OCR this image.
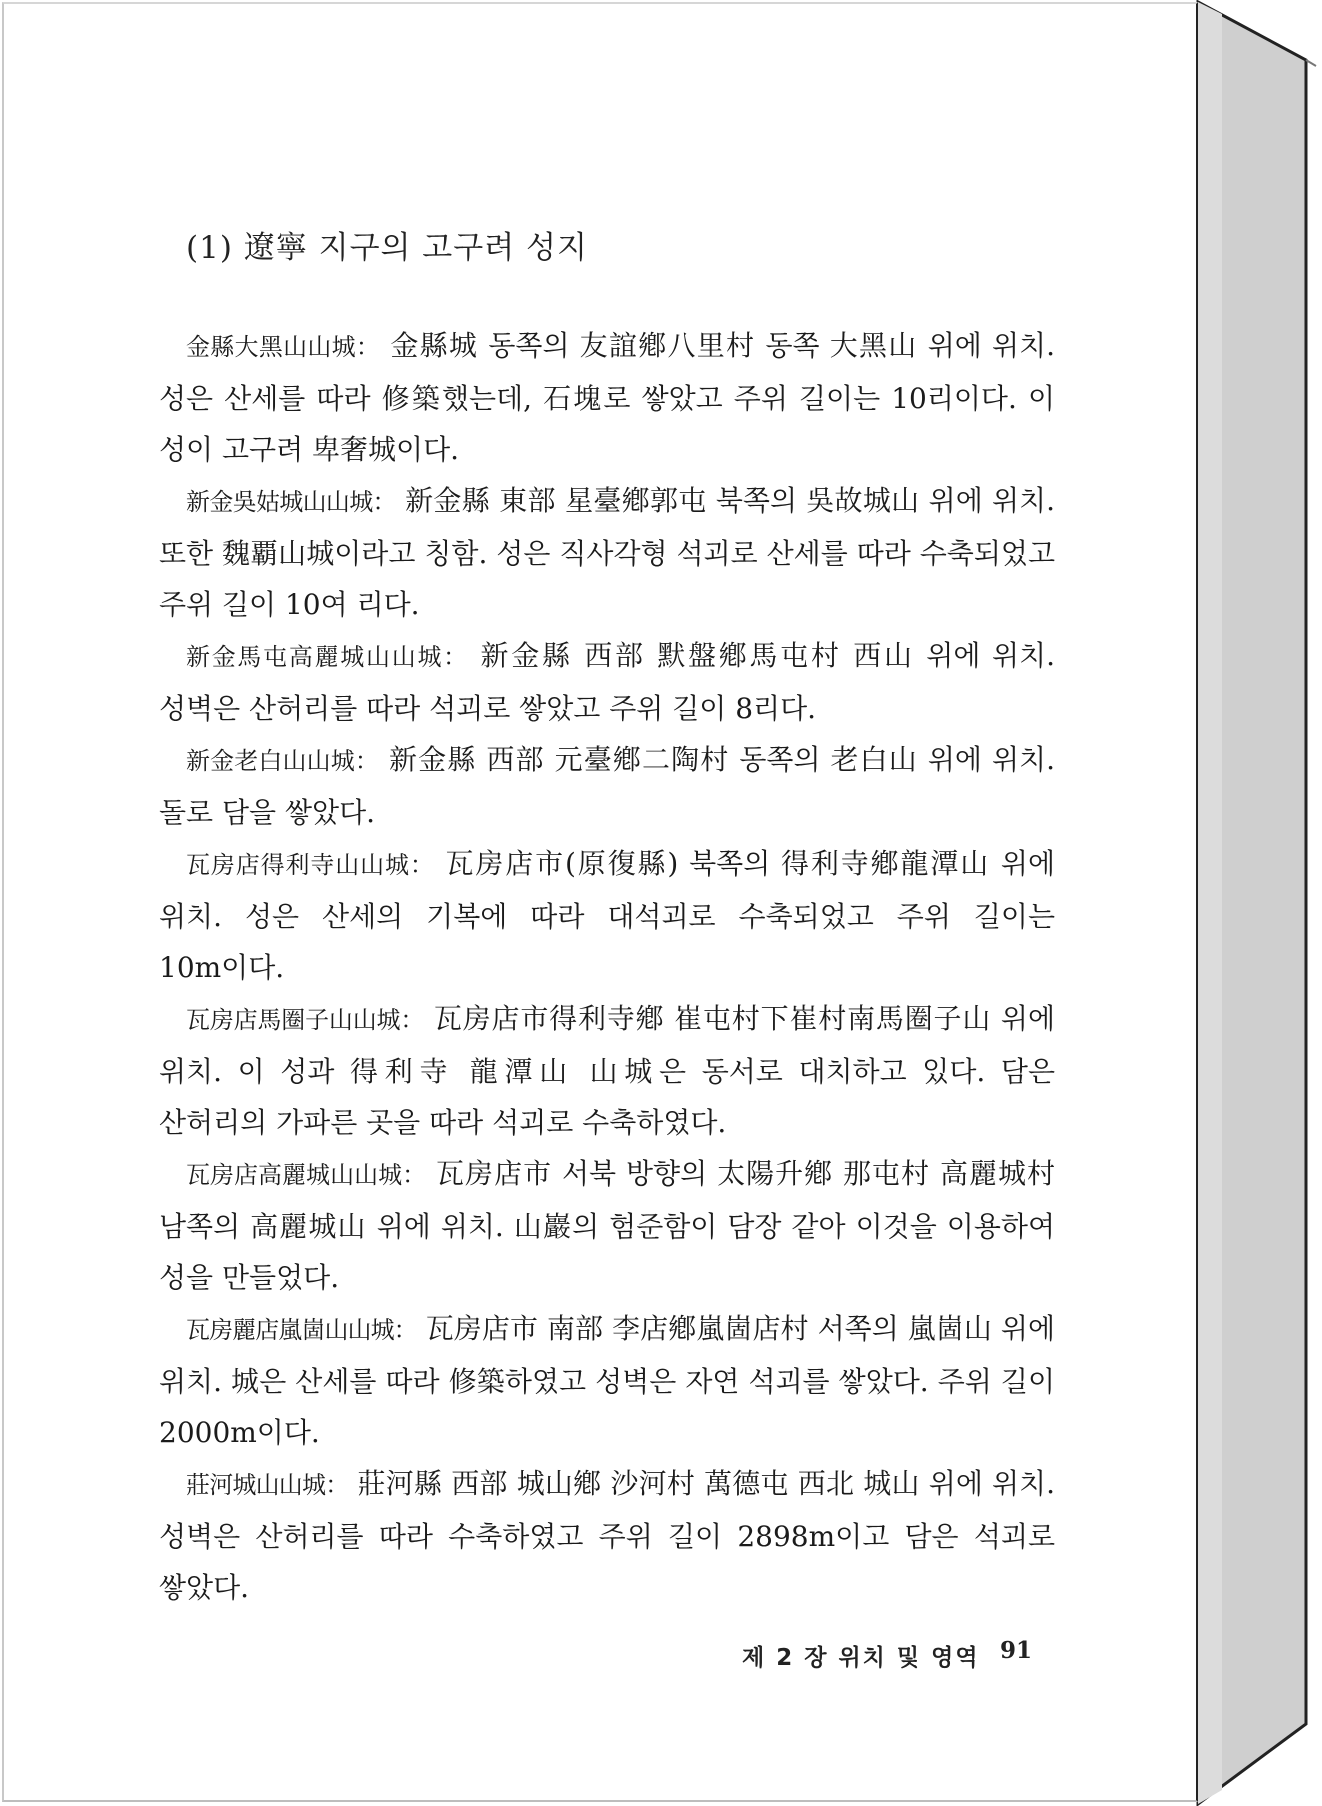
(1) 遼寧 지구의 고구려 성지

金縣大黑山山城： 金縣城 동쪽의 友誼鄕八里村 동쪽 大黑山 위에 위치. 성은 산세를 따라 修築했는데, 石塊로 쌓았고 주위 길이는 10리이다. 이 성이 고구려 卑奢城이다.

新金吳姑城山山城： 新金縣 東部 星臺鄕郭屯 북쪽의 吳故城山 위에 위치. 또한 魏覇山城이라고 칭함. 성은 직사각형 석괴로 산세를 따라 수축되었고 주위 길이 10여 리다.

新金馬屯高麗城山山城： 新金縣 西部 默盤鄕馬屯村 西山 위에 위치. 성벽은 산허리를 따라 석괴로 쌓았고 주위 길이 8리다.

新金老白山山城： 新金縣 西部 元臺鄕二陶村 동쪽의 老白山 위에 위치. 돌로 담을 쌓았다.

瓦房店得利寺山山城： 瓦房店市(原復縣) 북쪽의 得利寺鄕龍潭山 위에 위치. 성은 산세의 기복에 따라 대석괴로 수축되었고 주위 길이는 10m이다.

瓦房店馬圈子山山城： 瓦房店市得利寺鄕 崔屯村下崔村南馬圈子山 위에 위치. 이 성과 得利寺 龍潭山 山城은 동서로 대치하고 있다. 담은 산허리의 가파른 곳을 따라 석괴로 수축하였다.

瓦房店高麗城山山城： 瓦房店市 서북 방향의 太陽升鄕 那屯村 高麗城村 남쪽의 高麗城山 위에 위치. 山巖의 험준함이 담장 같아 이것을 이용하여 성을 만들었다.

瓦房麗店嵐崮山山城： 瓦房店市 南部 李店鄕嵐崮店村 서쪽의 嵐崮山 위에 위치. 城은 산세를 따라 修築하였고 성벽은 자연 석괴를 쌓았다. 주위 길이 2000m이다.

莊河城山山城： 莊河縣 西部 城山鄕 沙河村 萬德屯 西北 城山 위에 위치. 성벽은 산허리를 따라 수축하였고 주위 길이 2898m이고 담은 석괴로 쌓았다.

제 2 장 위치 및 영역 91
